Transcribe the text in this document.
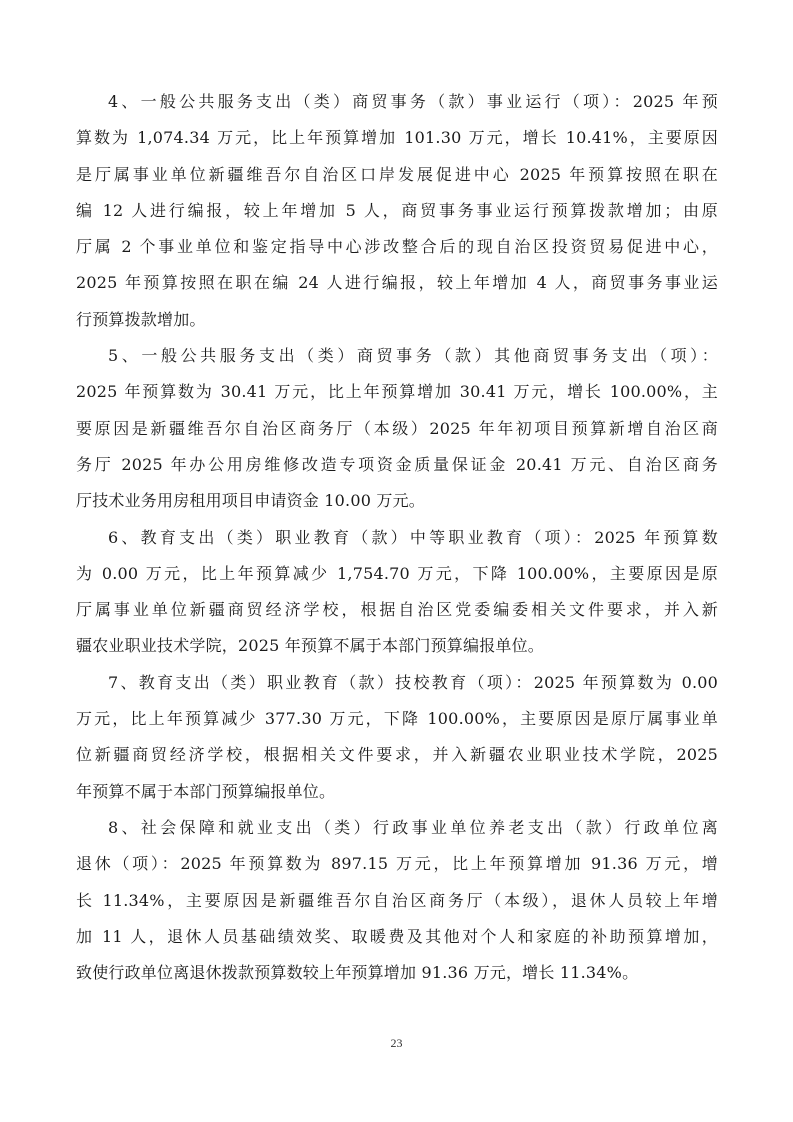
4、一般公共服务支出（类）商贸事务（款）事业运行（项）：2025 年预
算数为 1,074.34 万元，比上年预算增加 101.30 万元，增长 10.41%，主要原因
是厅属事业单位新疆维吾尔自治区口岸发展促进中心 2025 年预算按照在职在
编 12 人进行编报，较上年增加 5 人，商贸事务事业运行预算拨款增加；由原
厅属 2 个事业单位和鉴定指导中心涉改整合后的现自治区投资贸易促进中心，
2025 年预算按照在职在编 24 人进行编报，较上年增加 4 人，商贸事务事业运
行预算拨款增加。
5、一般公共服务支出（类）商贸事务（款）其他商贸事务支出（项）：
2025 年预算数为 30.41 万元，比上年预算增加 30.41 万元，增长 100.00%，主
要原因是新疆维吾尔自治区商务厅（本级）2025 年年初项目预算新增自治区商
务厅 2025 年办公用房维修改造专项资金质量保证金 20.41 万元、自治区商务
厅技术业务用房租用项目申请资金 10.00 万元。
6、教育支出（类）职业教育（款）中等职业教育（项）：2025 年预算数
为 0.00 万元，比上年预算减少 1,754.70 万元，下降 100.00%，主要原因是原
厅属事业单位新疆商贸经济学校，根据自治区党委编委相关文件要求，并入新
疆农业职业技术学院，2025 年预算不属于本部门预算编报单位。
7、教育支出（类）职业教育（款）技校教育（项）：2025 年预算数为 0.00
万元，比上年预算减少 377.30 万元，下降 100.00%，主要原因是原厅属事业单
位新疆商贸经济学校，根据相关文件要求，并入新疆农业职业技术学院，2025
年预算不属于本部门预算编报单位。
8、社会保障和就业支出（类）行政事业单位养老支出（款）行政单位离
退休（项）：2025 年预算数为 897.15 万元，比上年预算增加 91.36 万元，增
长 11.34%，主要原因是新疆维吾尔自治区商务厅（本级），退休人员较上年增
加 11 人，退休人员基础绩效奖、取暖费及其他对个人和家庭的补助预算增加，
致使行政单位离退休拨款预算数较上年预算增加 91.36 万元，增长 11.34%。
23
